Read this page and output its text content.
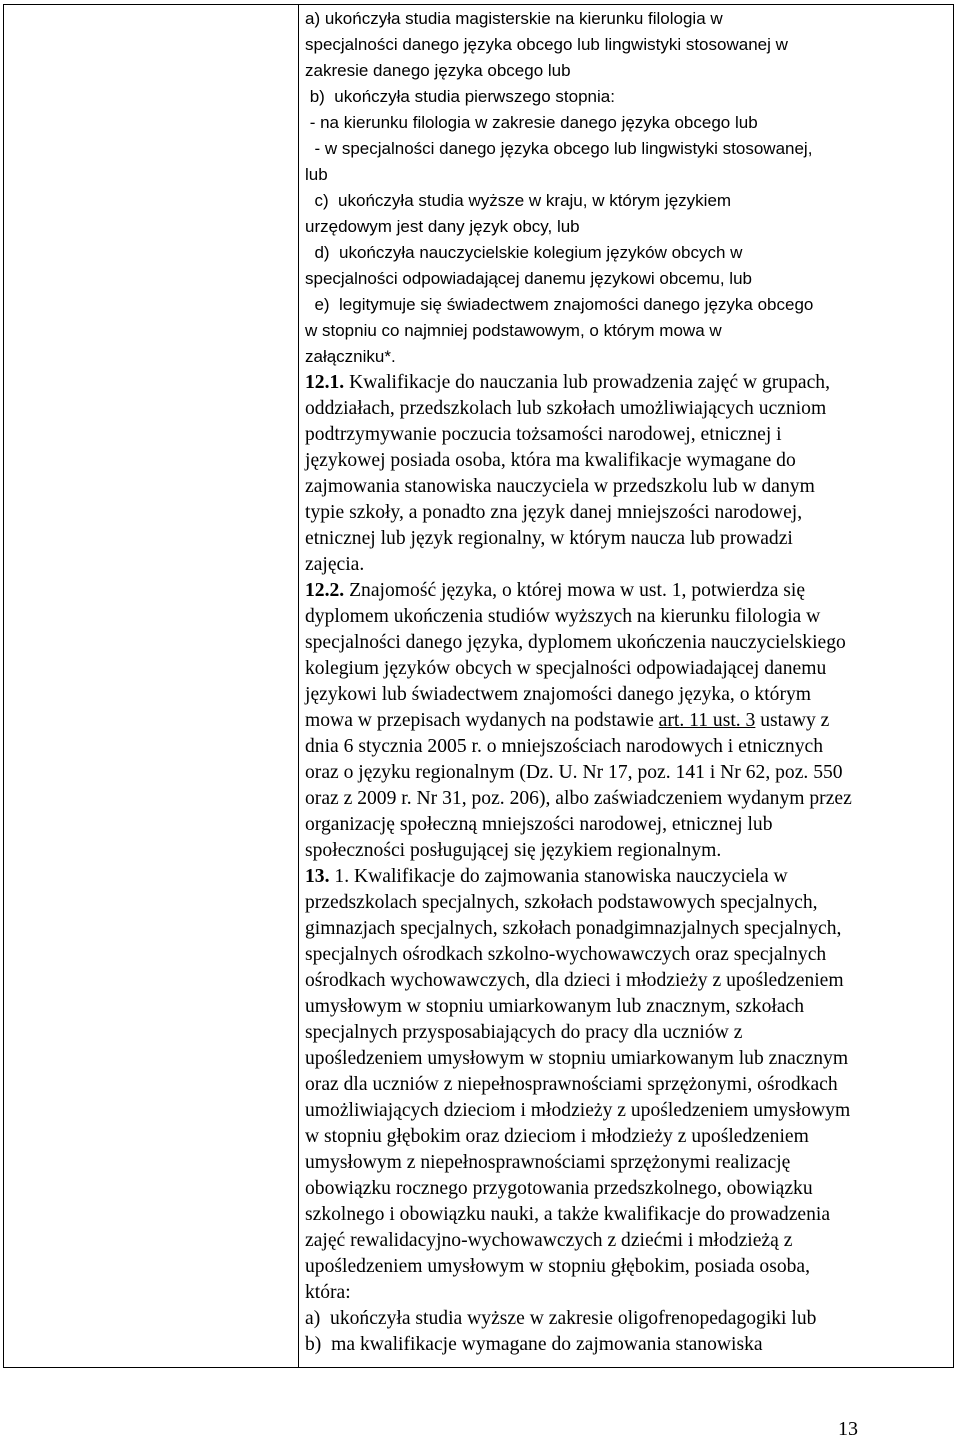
a) ukończyła studia magisterskie na kierunku filologia w
specjalności danego języka obcego lub lingwistyki stosowanej w
zakresie danego języka obcego lub
b)  ukończyła studia pierwszego stopnia:
- na kierunku filologia w zakresie danego języka obcego lub
- w specjalności danego języka obcego lub lingwistyki stosowanej,
lub
c)  ukończyła studia wyższe w kraju, w którym językiem
urzędowym jest dany język obcy, lub
d)  ukończyła nauczycielskie kolegium języków obcych w
specjalności odpowiadającej danemu językowi obcemu, lub
e)  legitymuje się świadectwem znajomości danego języka obcego
w stopniu co najmniej podstawowym, o którym mowa w
załączniku*.
12.1. Kwalifikacje do nauczania lub prowadzenia zajęć w grupach,
oddziałach, przedszkolach lub szkołach umożliwiających uczniom
podtrzymywanie poczucia tożsamości narodowej, etnicznej i
językowej posiada osoba, która ma kwalifikacje wymagane do
zajmowania stanowiska nauczyciela w przedszkolu lub w danym
typie szkoły, a ponadto zna język danej mniejszości narodowej,
etnicznej lub język regionalny, w którym naucza lub prowadzi
zajęcia.
12.2. Znajomość języka, o której mowa w ust. 1, potwierdza się
dyplomem ukończenia studiów wyższych na kierunku filologia w
specjalności danego języka, dyplomem ukończenia nauczycielskiego
kolegium języków obcych w specjalności odpowiadającej danemu
językowi lub świadectwem znajomości danego języka, o którym
mowa w przepisach wydanych na podstawie art. 11 ust. 3 ustawy z
dnia 6 stycznia 2005 r. o mniejszościach narodowych i etnicznych
oraz o języku regionalnym (Dz. U. Nr 17, poz. 141 i Nr 62, poz. 550
oraz z 2009 r. Nr 31, poz. 206), albo zaświadczeniem wydanym przez
organizację społeczną mniejszości narodowej, etnicznej lub
społeczności posługującej się językiem regionalnym.
13. 1. Kwalifikacje do zajmowania stanowiska nauczyciela w
przedszkolach specjalnych, szkołach podstawowych specjalnych,
gimnazjach specjalnych, szkołach ponadgimnazjalnych specjalnych,
specjalnych ośrodkach szkolno-wychowawczych oraz specjalnych
ośrodkach wychowawczych, dla dzieci i młodzieży z upośledzeniem
umysłowym w stopniu umiarkowanym lub znacznym, szkołach
specjalnych przysposabiających do pracy dla uczniów z
upośledzeniem umysłowym w stopniu umiarkowanym lub znacznym
oraz dla uczniów z niepełnosprawnościami sprzężonymi, ośrodkach
umożliwiających dzieciom i młodzieży z upośledzeniem umysłowym
w stopniu głębokim oraz dzieciom i młodzieży z upośledzeniem
umysłowym z niepełnosprawnościami sprzężonymi realizację
obowiązku rocznego przygotowania przedszkolnego, obowiązku
szkolnego i obowiązku nauki, a także kwalifikacje do prowadzenia
zajęć rewalidacyjno-wychowawczych z dziećmi i młodzieżą z
upośledzeniem umysłowym w stopniu głębokim, posiada osoba,
która:
a)  ukończyła studia wyższe w zakresie oligofrenopedagogiki lub
b)  ma kwalifikacje wymagane do zajmowania stanowiska
13
